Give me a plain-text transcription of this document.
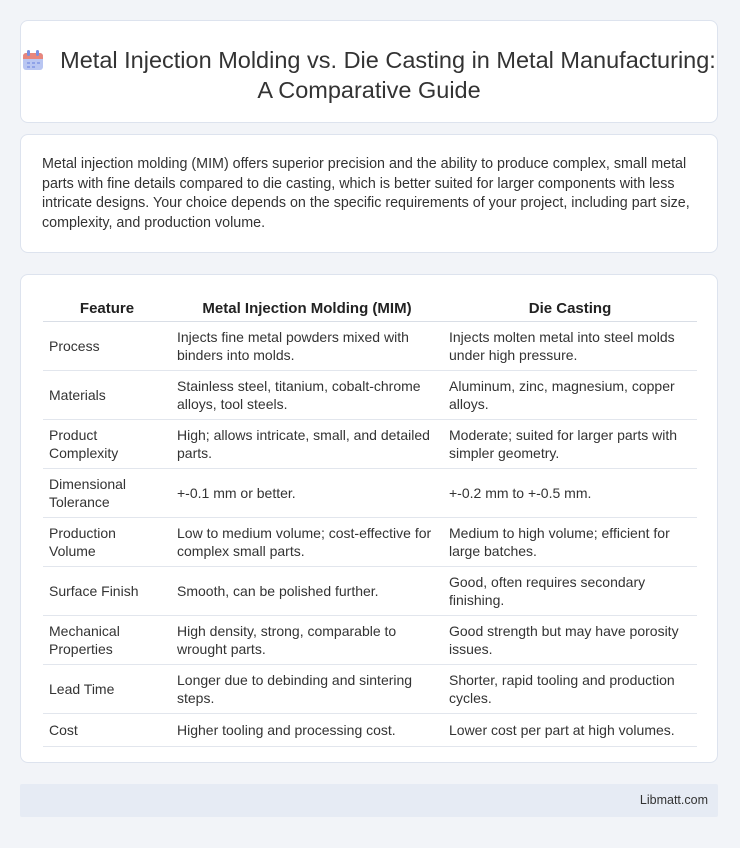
Metal Injection Molding vs. Die Casting in Metal Manufacturing: A Comparative Guide
Metal injection molding (MIM) offers superior precision and the ability to produce complex, small metal parts with fine details compared to die casting, which is better suited for larger components with less intricate designs. Your choice depends on the specific requirements of your project, including part size, complexity, and production volume.
Feature	Metal Injection Molding (MIM)	Die Casting
Process	Injects fine metal powders mixed with binders into molds.	Injects molten metal into steel molds under high pressure.
Materials	Stainless steel, titanium, cobalt-chrome alloys, tool steels.	Aluminum, zinc, magnesium, copper alloys.
Product Complexity	High; allows intricate, small, and detailed parts.	Moderate; suited for larger parts with simpler geometry.
Dimensional Tolerance	+-0.1 mm or better.	+-0.2 mm to +-0.5 mm.
Production Volume	Low to medium volume; cost-effective for complex small parts.	Medium to high volume; efficient for large batches.
Surface Finish	Smooth, can be polished further.	Good, often requires secondary finishing.
Mechanical Properties	High density, strong, comparable to wrought parts.	Good strength but may have porosity issues.
Lead Time	Longer due to debinding and sintering steps.	Shorter, rapid tooling and production cycles.
Cost	Higher tooling and processing cost.	Lower cost per part at high volumes.
Libmatt.com
